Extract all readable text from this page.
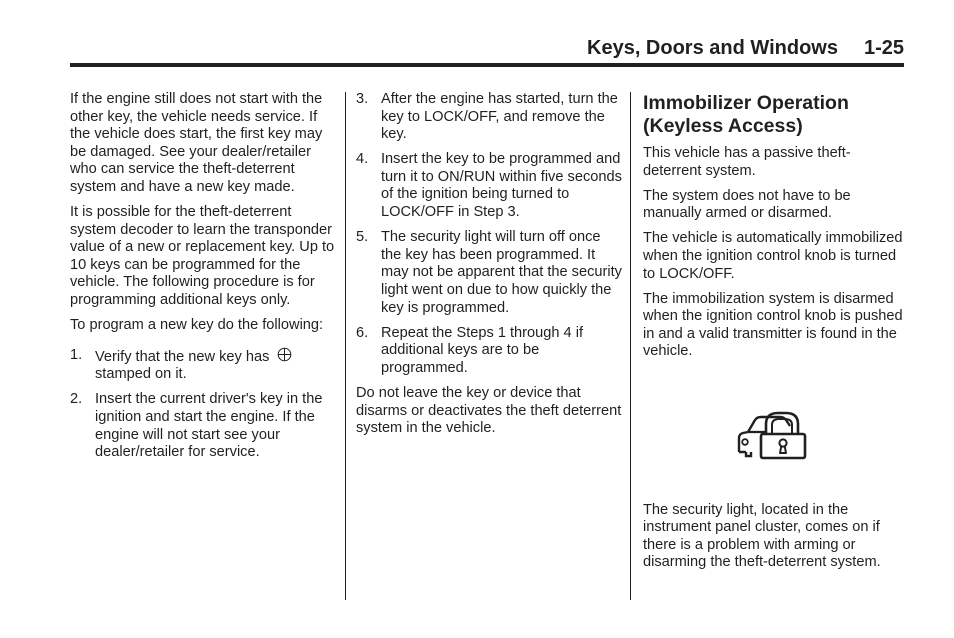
Keys, Doors and Windows 1-25

If the engine still does not start with the other key, the vehicle needs service. If the vehicle does start, the first key may be damaged. See your dealer/retailer who can service the theft-deterrent system and have a new key made.

It is possible for the theft-deterrent system decoder to learn the transponder value of a new or replacement key. Up to 10 keys can be programmed for the vehicle. The following procedure is for programming additional keys only.

To program a new key do the following:

1. Verify that the new key has
stamped on it.
2. Insert the current driver's key in the ignition and start the engine. If the engine will not start see your dealer/retailer for service.
3. After the engine has started, turn the key to LOCK/OFF, and remove the key.
4. Insert the key to be programmed and turn it to ON/RUN within five seconds of the ignition being turned to LOCK/OFF in Step 3.
5. The security light will turn off once the key has been programmed. It may not be apparent that the security light went on due to how quickly the key is programmed.
6. Repeat the Steps 1 through 4 if additional keys are to be programmed.

Do not leave the key or device that disarms or deactivates the theft deterrent system in the vehicle.

Immobilizer Operation (Keyless Access)

This vehicle has a passive theft-deterrent system.

The system does not have to be manually armed or disarmed.

The vehicle is automatically immobilized when the ignition control knob is turned to LOCK/OFF.

The immobilization system is disarmed when the ignition control knob is pushed in and a valid transmitter is found in the vehicle.

The security light, located in the instrument panel cluster, comes on if there is a problem with arming or disarming the theft-deterrent system.
